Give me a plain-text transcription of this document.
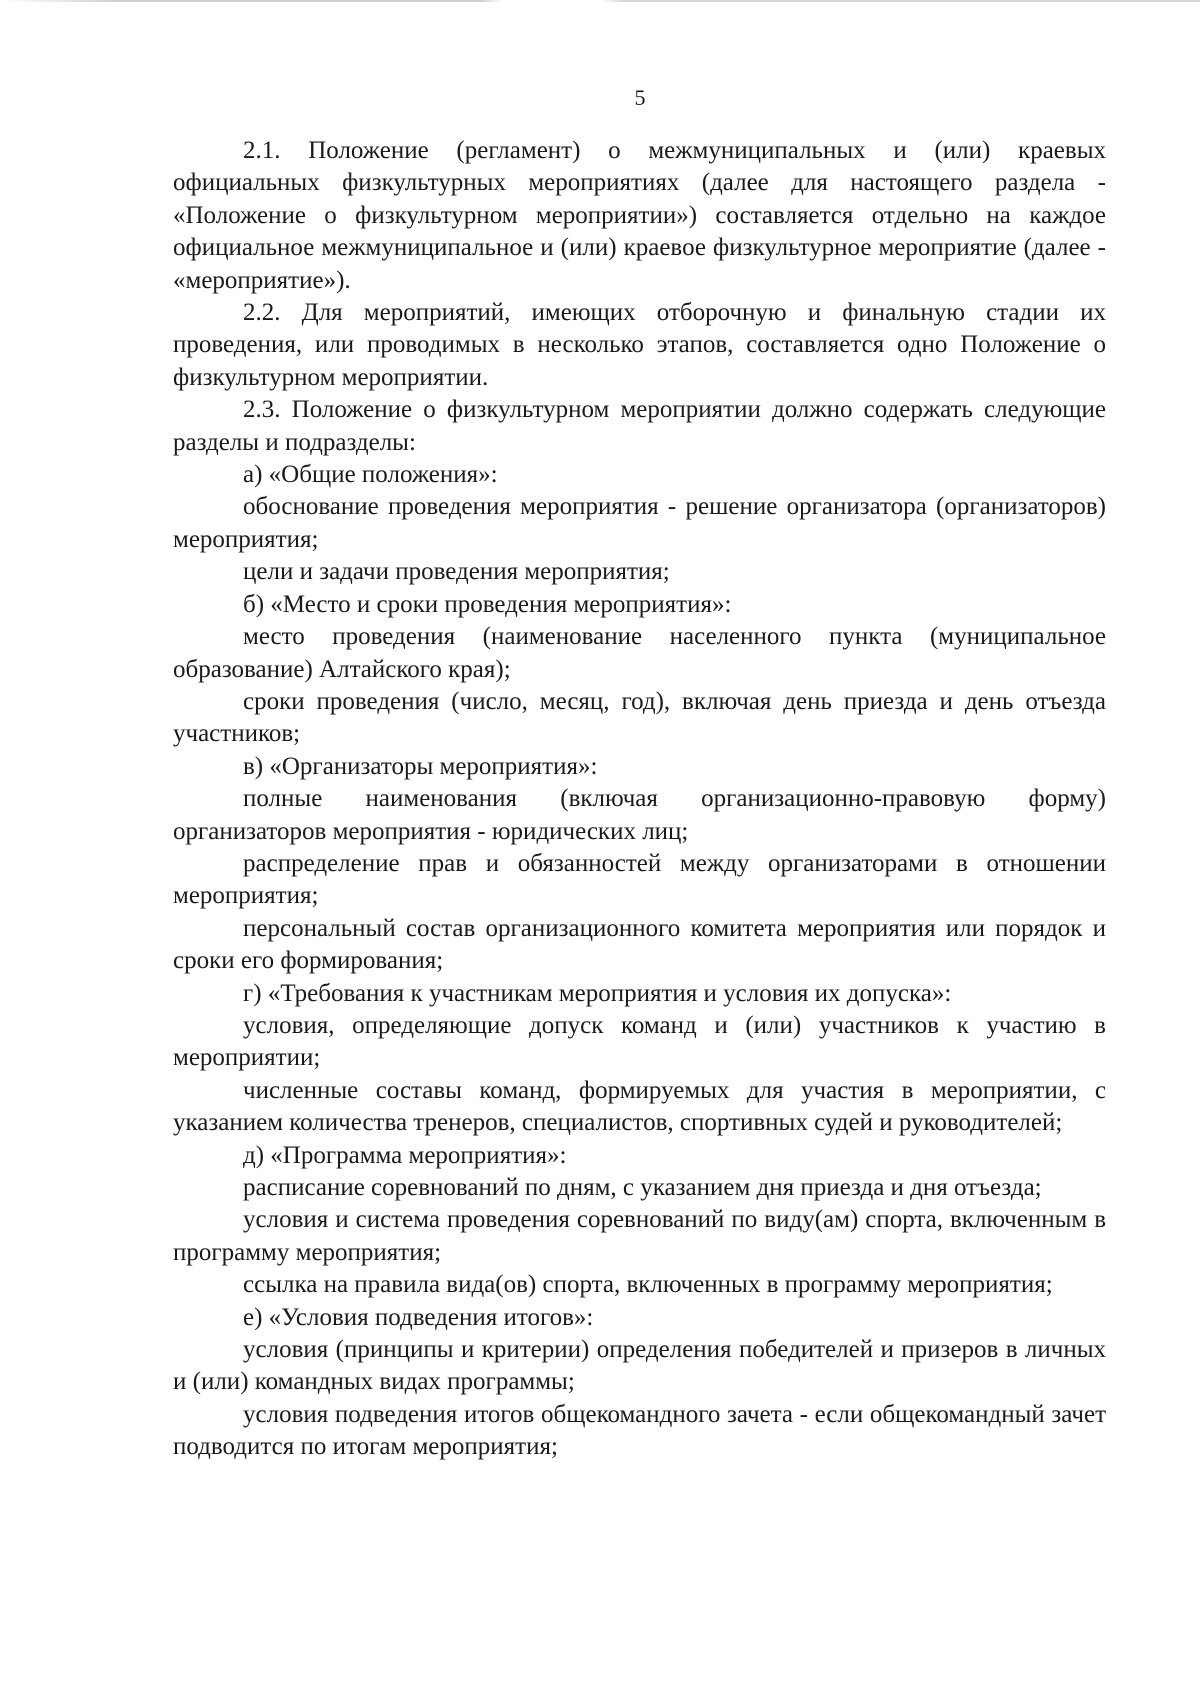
5

2.1. Положение (регламент) о межмуниципальных и (или) краевых официальных физкультурных мероприятиях (далее для настоящего раздела - «Положение о физкультурном мероприятии») составляется отдельно на каждое официальное межмуниципальное и (или) краевое физкультурное мероприятие (далее - «мероприятие»).

2.2. Для мероприятий, имеющих отборочную и финальную стадии их проведения, или проводимых в несколько этапов, составляется одно Положение о физкультурном мероприятии.

2.3. Положение о физкультурном мероприятии должно содержать следующие разделы и подразделы:

а) «Общие положения»:

обоснование проведения мероприятия - решение организатора (организаторов) мероприятия;

цели и задачи проведения мероприятия;

б) «Место и сроки проведения мероприятия»:

место проведения (наименование населенного пункта (муниципальное образование) Алтайского края);

сроки проведения (число, месяц, год), включая день приезда и день отъезда участников;

в) «Организаторы мероприятия»:

полные наименования (включая организационно-правовую форму) организаторов мероприятия - юридических лиц;

распределение прав и обязанностей между организаторами в отношении мероприятия;

персональный состав организационного комитета мероприятия или порядок и сроки его формирования;

г) «Требования к участникам мероприятия и условия их допуска»:

условия, определяющие допуск команд и (или) участников к участию в мероприятии;

численные составы команд, формируемых для участия в мероприятии, с указанием количества тренеров, специалистов, спортивных судей и руководителей;

д) «Программа мероприятия»:

расписание соревнований по дням, с указанием дня приезда и дня отъезда;

условия и система проведения соревнований по виду(ам) спорта, включенным в программу мероприятия;

ссылка на правила вида(ов) спорта, включенных в программу мероприятия;

е) «Условия подведения итогов»:

условия (принципы и критерии) определения победителей и призеров в личных и (или) командных видах программы;

условия подведения итогов общекомандного зачета - если общекомандный зачет подводится по итогам мероприятия;
